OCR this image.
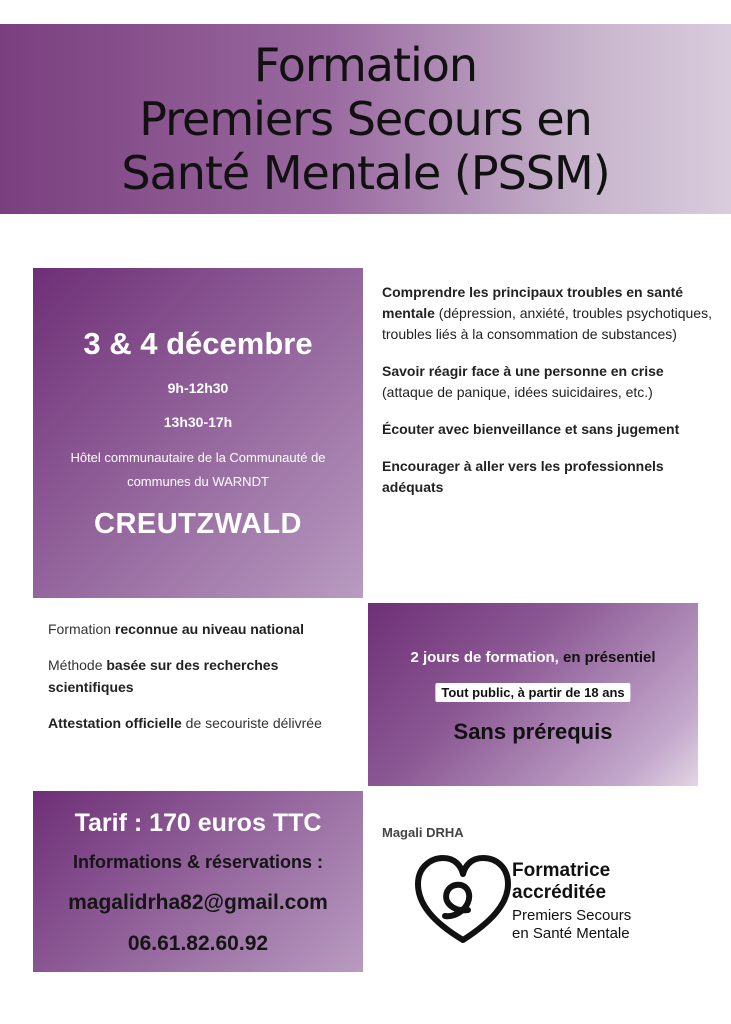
Formation
Premiers Secours en
Santé Mentale (PSSM)
3 & 4 décembre
9h-12h30
13h30-17h
Hôtel communautaire de la Communauté de communes du WARNDT
CREUTZWALD
Comprendre les principaux troubles en santé mentale (dépression, anxiété, troubles psychotiques, troubles liés à la consommation de substances)
Savoir réagir face à une personne en crise (attaque de panique, idées suicidaires, etc.)
Écouter avec bienveillance et sans jugement
Encourager à aller vers les professionnels adéquats
Formation reconnue au niveau national
Méthode basée sur des recherches scientifiques
Attestation officielle de secouriste délivrée
2 jours de formation, en présentiel
Tout public, à partir de 18 ans
Sans prérequis
Tarif : 170 euros TTC
Informations & réservations :
magalidrha82@gmail.com
06.61.82.60.92
Magali DRHA
Formatrice
accréditée
Premiers Secours
en Santé Mentale
